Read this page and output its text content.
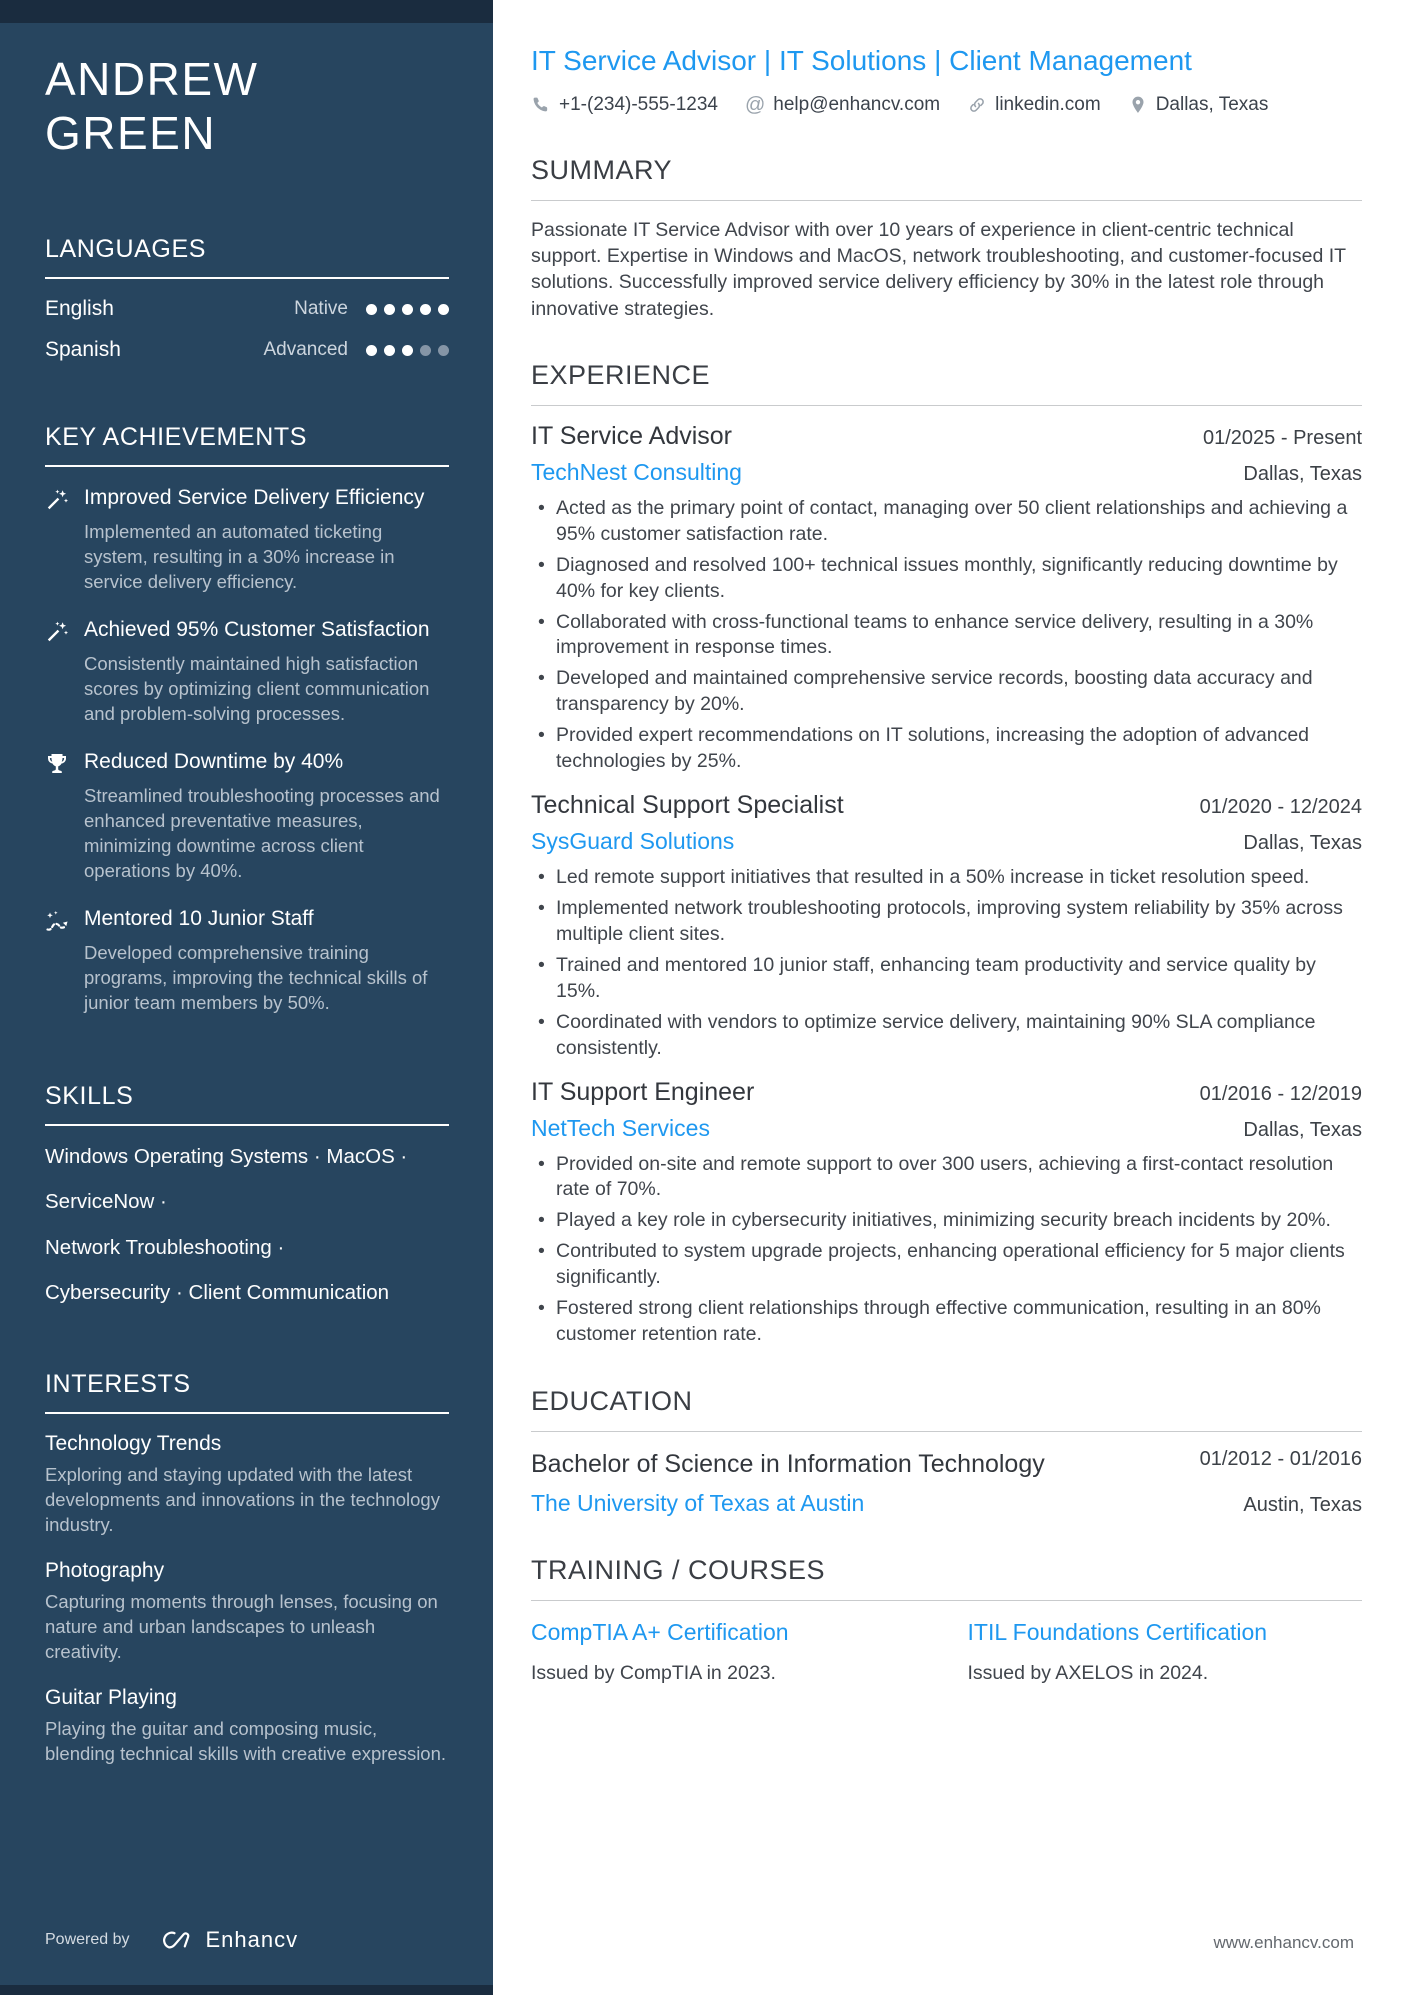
ANDREW
GREEN
LANGUAGES
English	Native
Spanish	Advanced
KEY ACHIEVEMENTS
Improved Service Delivery Efficiency
Implemented an automated ticketing system, resulting in a 30% increase in service delivery efficiency.
Achieved 95% Customer Satisfaction
Consistently maintained high satisfaction scores by optimizing client communication and problem-solving processes.
Reduced Downtime by 40%
Streamlined troubleshooting processes and enhanced preventative measures, minimizing downtime across client operations by 40%.
Mentored 10 Junior Staff
Developed comprehensive training programs, improving the technical skills of junior team members by 50%.
SKILLS
Windows Operating Systems · MacOS ·
ServiceNow ·
Network Troubleshooting ·
Cybersecurity · Client Communication
INTERESTS
Technology Trends
Exploring and staying updated with the latest developments and innovations in the technology industry.
Photography
Capturing moments through lenses, focusing on nature and urban landscapes to unleash creativity.
Guitar Playing
Playing the guitar and composing music, blending technical skills with creative expression.
Powered by	Enhancv
IT Service Advisor | IT Solutions | Client Management
+1-(234)-555-1234 @ help@enhancv.com	linkedin.com	Dallas, Texas
SUMMARY

Passionate IT Service Advisor with over 10 years of experience in client-centric technical support. Expertise in Windows and MacOS, network troubleshooting, and customer-focused IT solutions. Successfully improved service delivery efficiency by 30% in the latest role through innovative strategies.

EXPERIENCE
IT Service Advisor	01/2025 - Present
TechNest Consulting	Dallas, Texas
• Acted as the primary point of contact, managing over 50 client relationships and achieving a 95% customer satisfaction rate.
• Diagnosed and resolved 100+ technical issues monthly, significantly reducing downtime by 40% for key clients.
• Collaborated with cross-functional teams to enhance service delivery, resulting in a 30% improvement in response times.
• Developed and maintained comprehensive service records, boosting data accuracy and transparency by 20%.
• Provided expert recommendations on IT solutions, increasing the adoption of advanced technologies by 25%.
Technical Support Specialist	01/2020 - 12/2024
SysGuard Solutions	Dallas, Texas
• Led remote support initiatives that resulted in a 50% increase in ticket resolution speed.
• Implemented network troubleshooting protocols, improving system reliability by 35% across multiple client sites.
• Trained and mentored 10 junior staff, enhancing team productivity and service quality by 15%.
• Coordinated with vendors to optimize service delivery, maintaining 90% SLA compliance consistently.
IT Support Engineer	01/2016 - 12/2019
NetTech Services	Dallas, Texas
• Provided on-site and remote support to over 300 users, achieving a first-contact resolution rate of 70%.
• Played a key role in cybersecurity initiatives, minimizing security breach incidents by 20%.
• Contributed to system upgrade projects, enhancing operational efficiency for 5 major clients significantly.
• Fostered strong client relationships through effective communication, resulting in an 80% customer retention rate.
EDUCATION
Bachelor of Science in Information Technology	01/2012 - 01/2016
The University of Texas at Austin	Austin, Texas
TRAINING / COURSES
CompTIA A+ Certification
Issued by CompTIA in 2023.
ITIL Foundations Certification
Issued by AXELOS in 2024.
www.enhancv.com
